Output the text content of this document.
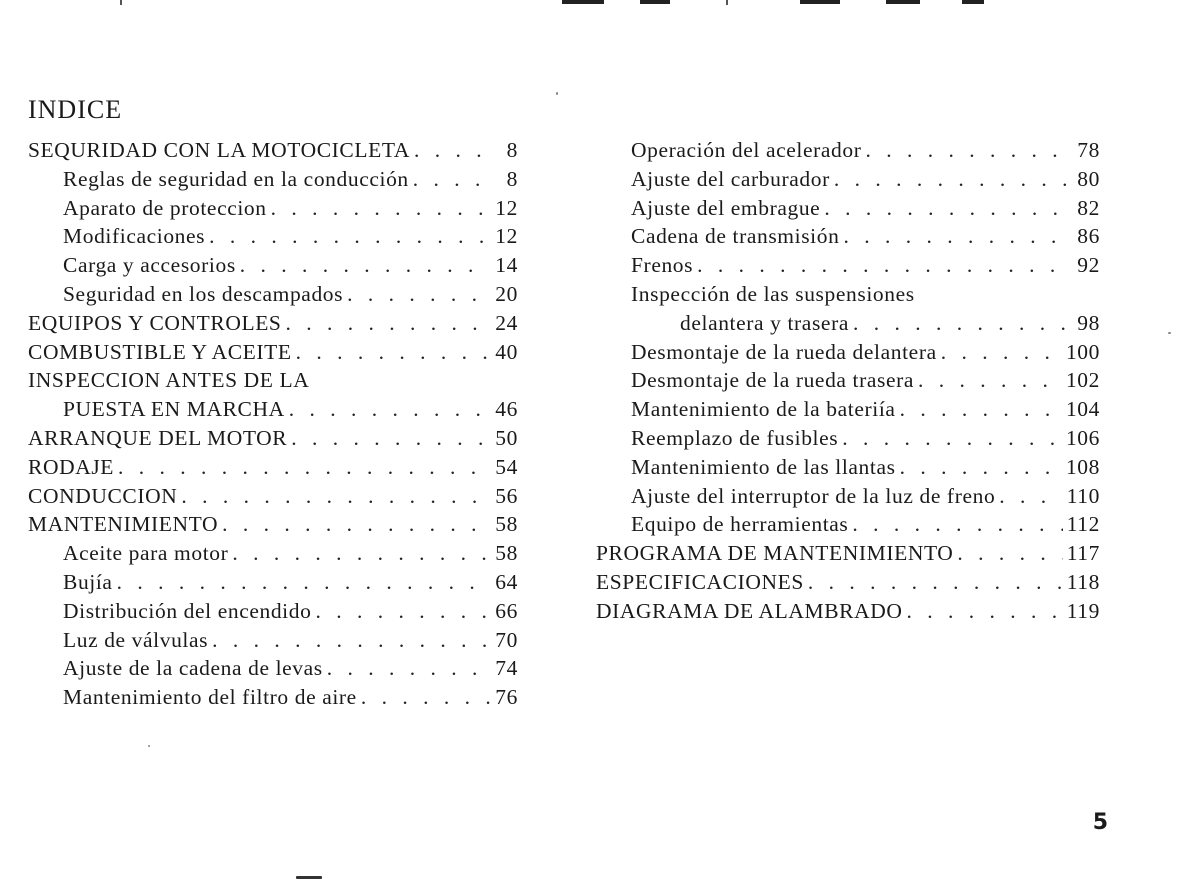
INDICE
SEQURIDAD CON LA MOTOCICLETA . . .	8
Reglas de seguridad en la conducción . . .	8
Aparato de proteccion . . .	12
Modificaciones . . .	12
Carga y accesorios . . .	14
Seguridad en los descampados . . .	20
EQUIPOS Y CONTROLES . . .	24
COMBUSTIBLE Y ACEITE . . .	40
INSPECCION ANTES DE LA
PUESTA EN MARCHA . . .	46
ARRANQUE DEL MOTOR . . .	50
RODAJE . . .	54
CONDUCCION . . .	56
MANTENIMIENTO . . .	58
Aceite para motor . . .	58
Bujía . . .	64
Distribución del encendido . . .	66
Luz de válvulas . . .	70
Ajuste de la cadena de levas . . .	74
Mantenimiento del filtro de aire . . .	76
Operación del acelerador . . .	78
Ajuste del carburador . . .	80
Ajuste del embrague . . .	82
Cadena de transmisión . . .	86
Frenos . . .	92
Inspección de las suspensiones
delantera y trasera . . .	98
Desmontaje de la rueda delantera . . .	100
Desmontaje de la rueda trasera . . .	102
Mantenimiento de la bateriía . . .	104
Reemplazo de fusibles . . .	106
Mantenimiento de las llantas . . .	108
Ajuste del interruptor de la luz de freno . . .	110
Equipo de herramientas . . .	112
PROGRAMA DE MANTENIMIENTO . . .	117
ESPECIFICACIONES . . .	118
DIAGRAMA DE ALAMBRADO . . .	119
5
